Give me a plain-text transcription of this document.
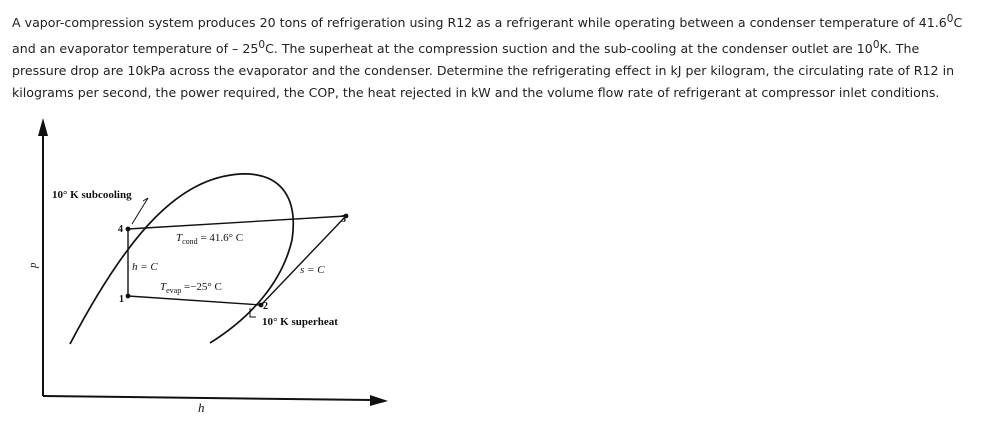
A vapor-compression system produces 20 tons of refrigeration using R12 as a refrigerant while operating between a condenser temperature of 41.6$^0$C and an evaporator temperature of – $25^0C$. The superheat at the compression suction and the sub-cooling at the condenser outlet are $10^0K$. The pressure drop are 10kPa across the evaporator and the condenser. Determine the refrigerating effect in kJ per kilogram, the circulating rate of R12 in kilograms per second, the power required, the COP, the heat rejected in kW and the volume flow rate of refrigerant at compressor inlet conditions.

p
h
1
2
3
4
10° K subcooling
10° K superheat
$T_{cond} = 41.6^\circ$ C
$T_{evap} =-25^\circ$ C
h = C	s = C
